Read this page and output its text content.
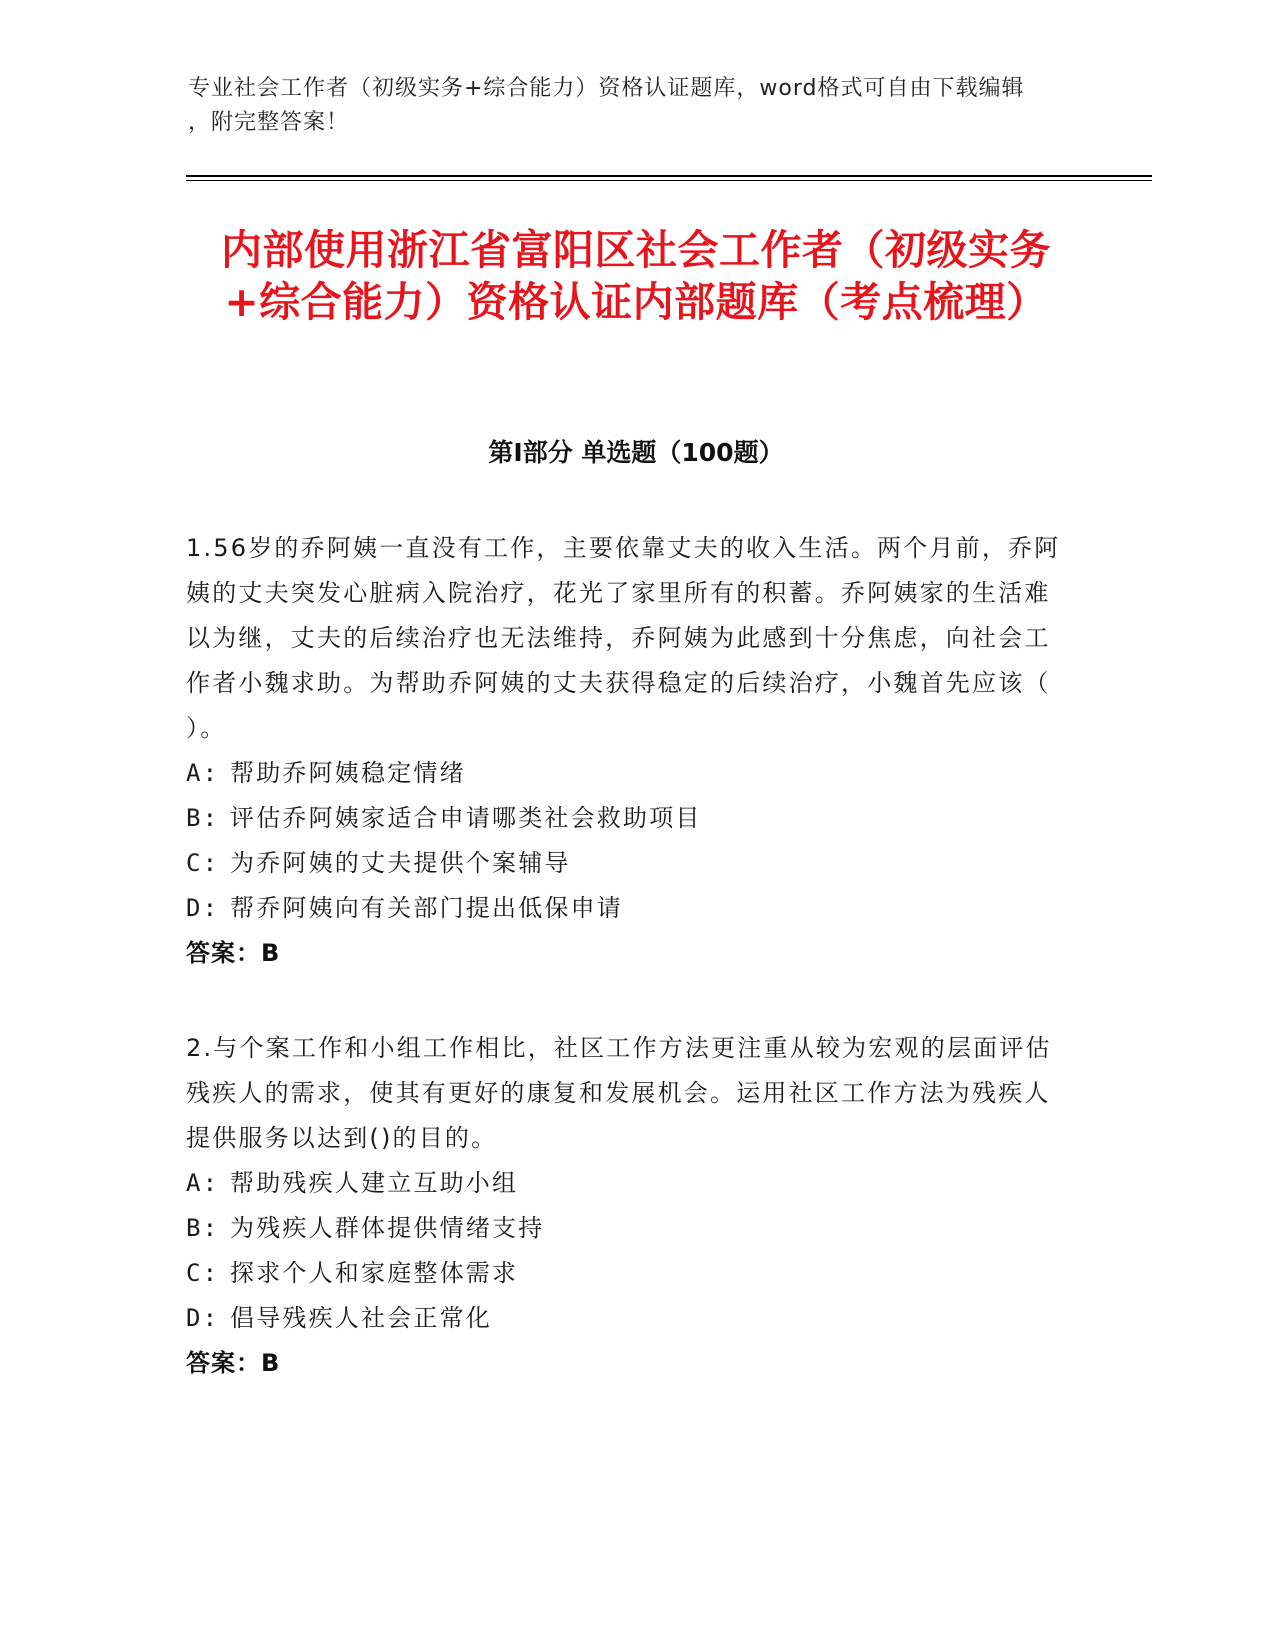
专业社会工作者（初级实务+综合能力）资格认证题库，word格式可自由下载编辑
，附完整答案！
内部使用浙江省富阳区社会工作者（初级实务+综合能力）资格认证内部题库（考点梳理）
第Ⅰ部分 单选题（100题）

1.56岁的乔阿姨一直没有工作，主要依靠丈夫的收入生活。两个月前，乔阿姨的丈夫突发心脏病入院治疗，花光了家里所有的积蓄。乔阿姨家的生活难以为继，丈夫的后续治疗也无法维持，乔阿姨为此感到十分焦虑，向社会工作者小魏求助。为帮助乔阿姨的丈夫获得稳定的后续治疗，小魏首先应该（ ）。

A: 帮助乔阿姨稳定情绪

B: 评估乔阿姨家适合申请哪类社会救助项目

C: 为乔阿姨的丈夫提供个案辅导

D: 帮乔阿姨向有关部门提出低保申请

答案：B

2.与个案工作和小组工作相比，社区工作方法更注重从较为宏观的层面评估残疾人的需求，使其有更好的康复和发展机会。运用社区工作方法为残疾人提供服务以达到()的目的。

A: 帮助残疾人建立互助小组

B: 为残疾人群体提供情绪支持

C: 探求个人和家庭整体需求

D: 倡导残疾人社会正常化

答案：B
